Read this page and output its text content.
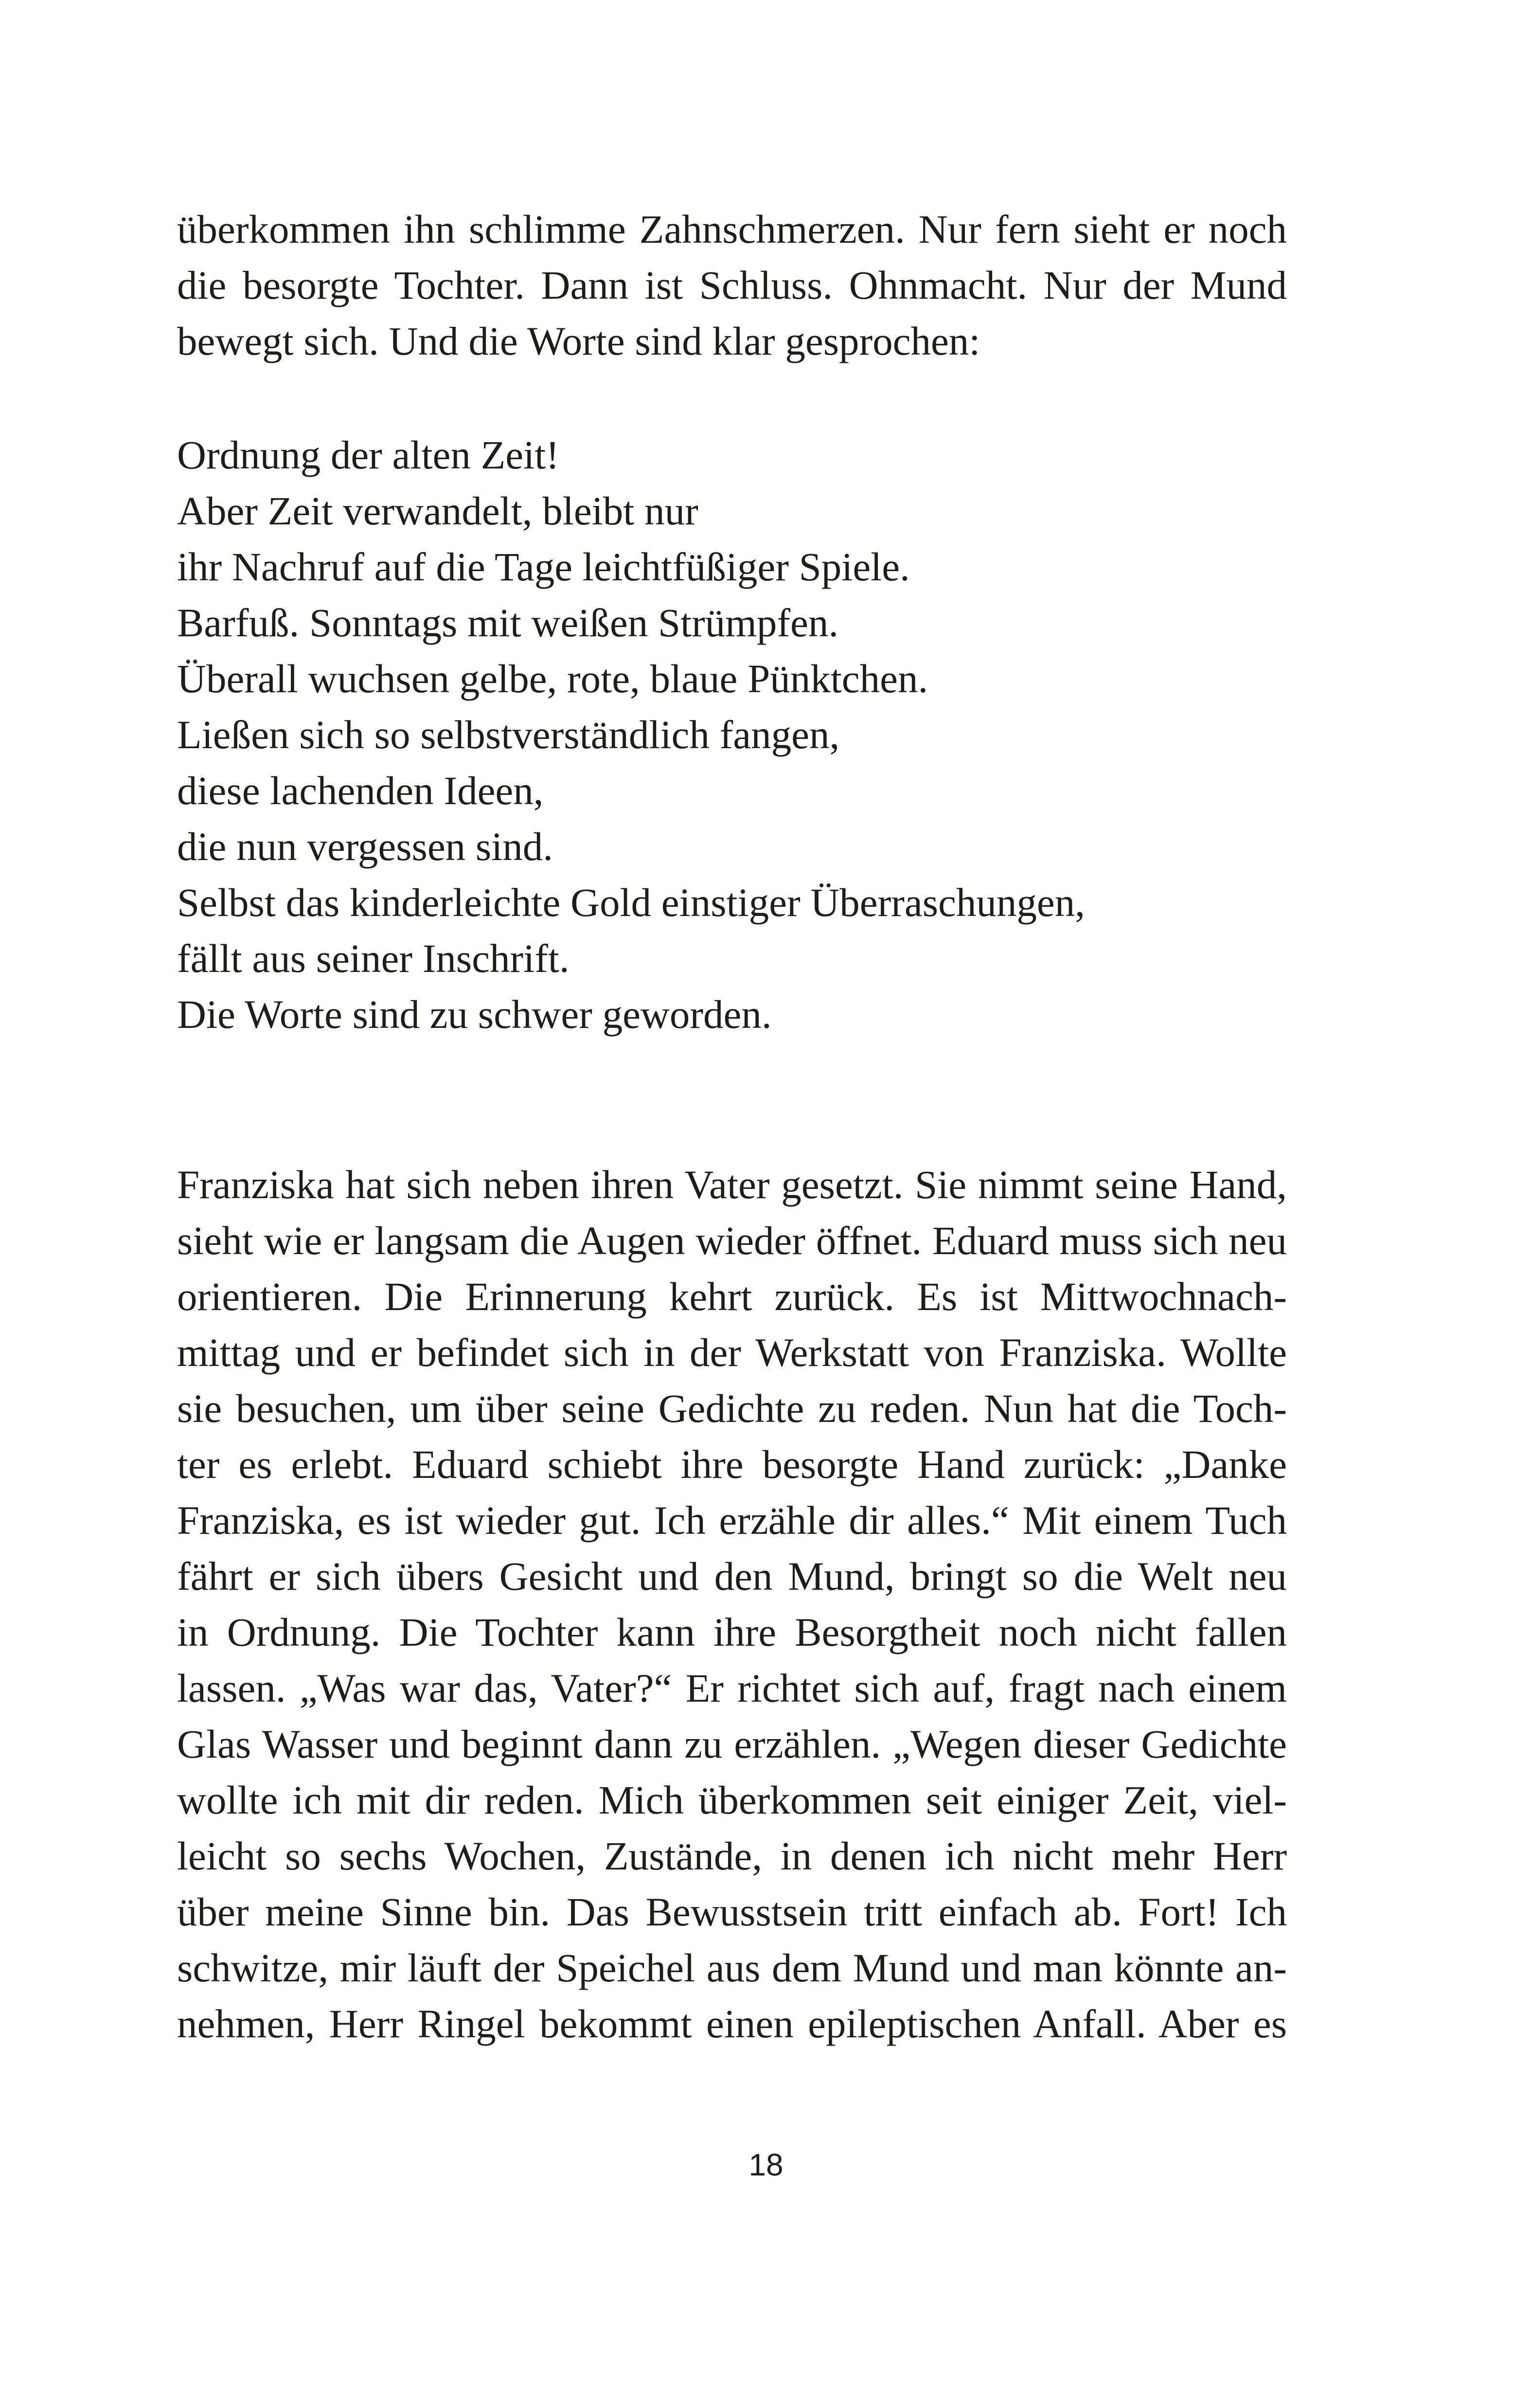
überkommen ihn schlimme Zahnschmerzen. Nur fern sieht er noch
die besorgte Tochter. Dann ist Schluss. Ohnmacht. Nur der Mund
bewegt sich. Und die Worte sind klar gesprochen:
Ordnung der alten Zeit!
Aber Zeit verwandelt, bleibt nur
ihr Nachruf auf die Tage leichtfüßiger Spiele.
Barfuß. Sonntags mit weißen Strümpfen.
Überall wuchsen gelbe, rote, blaue Pünktchen.
Ließen sich so selbstverständlich fangen,
diese lachenden Ideen,
die nun vergessen sind.
Selbst das kinderleichte Gold einstiger Überraschungen,
fällt aus seiner Inschrift.
Die Worte sind zu schwer geworden.
Franziska hat sich neben ihren Vater gesetzt. Sie nimmt seine Hand,
sieht wie er langsam die Augen wieder öffnet. Eduard muss sich neu
orientieren. Die Erinnerung kehrt zurück. Es ist Mittwochnach-
mittag und er befindet sich in der Werkstatt von Franziska. Wollte
sie besuchen, um über seine Gedichte zu reden. Nun hat die Toch-
ter es erlebt. Eduard schiebt ihre besorgte Hand zurück: „Danke
Franziska, es ist wieder gut. Ich erzähle dir alles.“ Mit einem Tuch
fährt er sich übers Gesicht und den Mund, bringt so die Welt neu
in Ordnung. Die Tochter kann ihre Besorgtheit noch nicht fallen
lassen. „Was war das, Vater?“ Er richtet sich auf, fragt nach einem
Glas Wasser und beginnt dann zu erzählen. „Wegen dieser Gedichte
wollte ich mit dir reden. Mich überkommen seit einiger Zeit, viel-
leicht so sechs Wochen, Zustände, in denen ich nicht mehr Herr
über meine Sinne bin. Das Bewusstsein tritt einfach ab. Fort! Ich
schwitze, mir läuft der Speichel aus dem Mund und man könnte an-
nehmen, Herr Ringel bekommt einen epileptischen Anfall. Aber es
18
